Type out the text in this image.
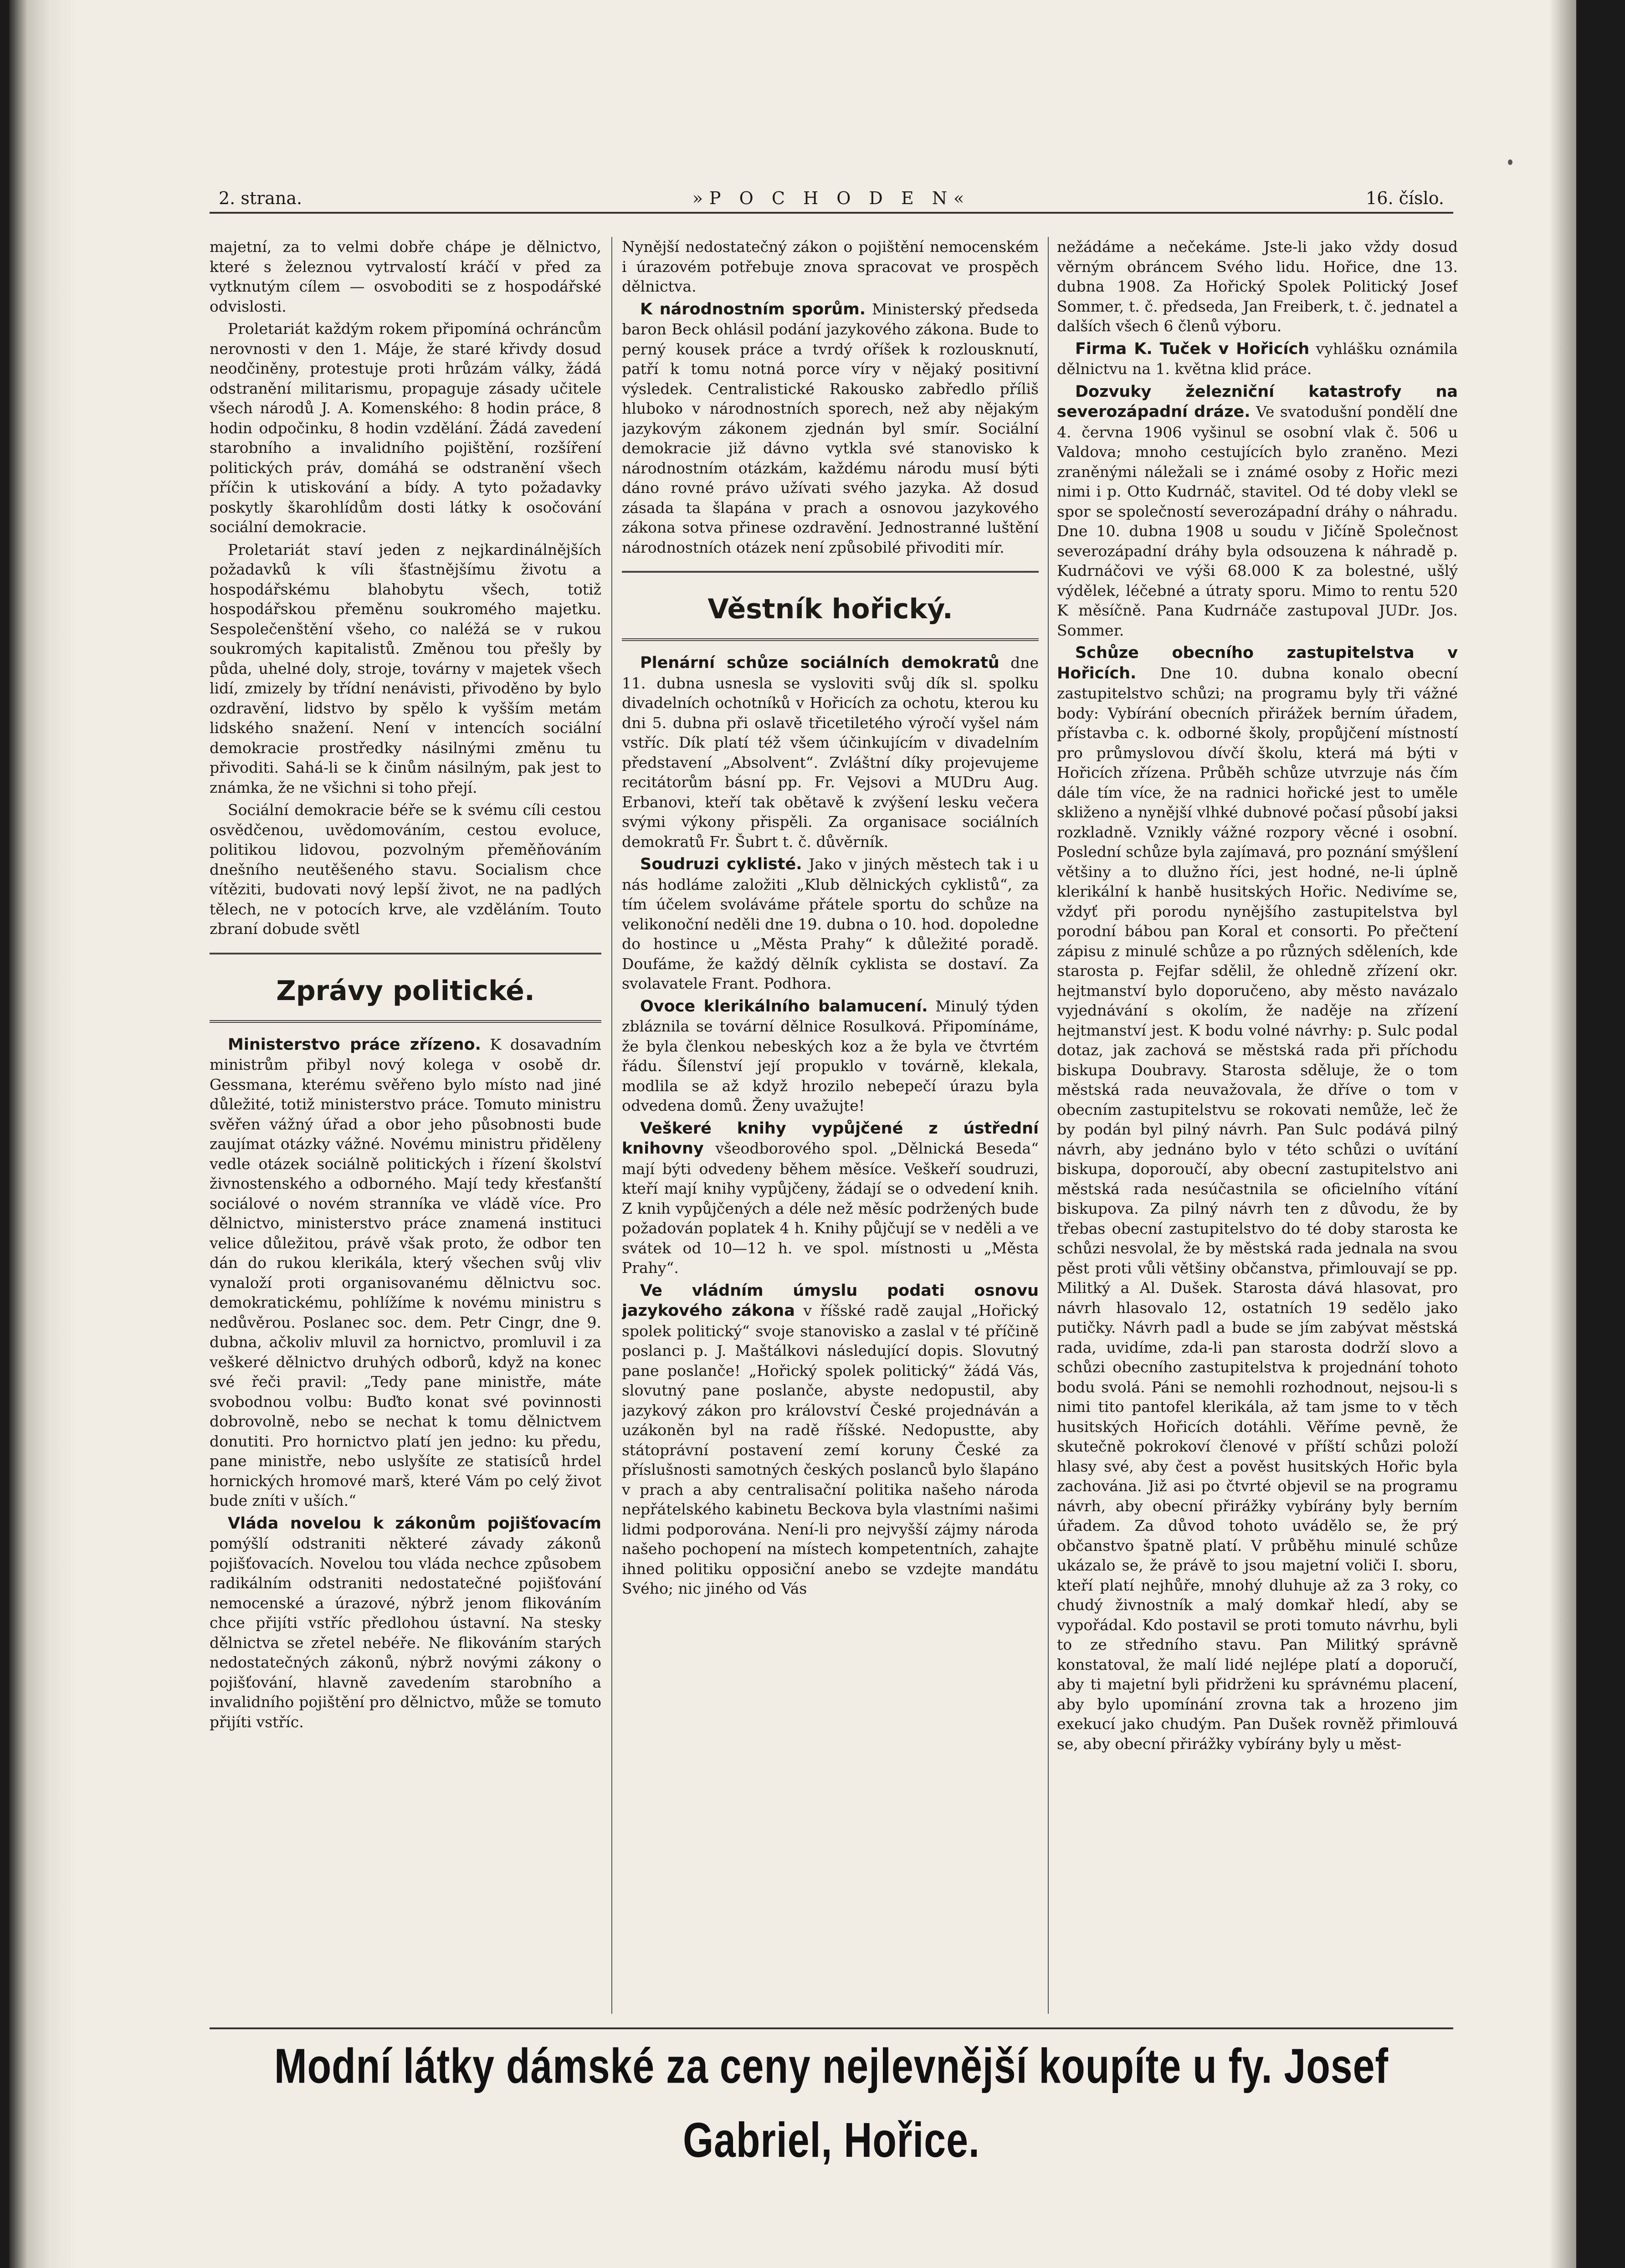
2. strana.	»P O C H O D E N«	16. číslo.

majetní, za to velmi dobře chápe je dělnictvo, které s železnou vytrvalostí kráčí v před za vytknutým cílem — osvoboditi se z hospodářské odvislosti.

Proletariát každým rokem připomíná ochráncům nerovnosti v den 1. Máje, že staré křivdy dosud neodčiněny, protestuje proti hrůzám války, žádá odstranění militarismu, propaguje zásady učitele všech národů J. A. Komenského: 8 hodin práce, 8 hodin odpočinku, 8 hodin vzdělání. Žádá zavedení starobního a invalidního pojištění, rozšíření politických práv, domáhá se odstranění všech příčin k utiskování a bídy. A tyto požadavky poskytly škarohlídům dosti látky k osočování sociální demokracie.

Proletariát staví jeden z nejkardinálnějších požadavků k víli šťastnějšímu životu a hospodářskému blahobytu všech, totiž hospodářskou přeměnu soukromého majetku. Sespolečenštění všeho, co naléžá se v rukou soukromých kapitalistů. Změnou tou přešly by půda, uhelné doly, stroje, továrny v majetek všech lidí, zmizely by třídní nenávisti, přivoděno by bylo ozdravění, lidstvo by spělo k vyšším metám lidského snažení. Není v intencích sociální demokracie prostředky násilnými změnu tu přivoditi. Sahá-li se k činům násilným, pak jest to známka, že ne všichni si toho přejí.

Sociální demokracie béře se k svému cíli cestou osvědčenou, uvědomováním, cestou evoluce, politikou lidovou, pozvolným přeměňováním dnešního neutěšeného stavu. Socialism chce vítěziti, budovati nový lepší život, ne na padlých tělech, ne v potocích krve, ale vzděláním. Touto zbraní dobude světl

Zprávy politické.

Ministerstvo práce zřízeno. K dosavadním ministrům přibyl nový kolega v osobě dr. Gessmana, kterému svěřeno bylo místo nad jiné důležité, totiž ministerstvo práce. Tomuto ministru svěřen vážný úřad a obor jeho působnosti bude zaujímat otázky vážné. Novému ministru přiděleny vedle otázek sociálně politických i řízení školství živnostenského a odborného. Mají tedy křesťanští sociálové o novém stranníka ve vládě více. Pro dělnictvo, ministerstvo práce znamená instituci velice důležitou, právě však proto, že odbor ten dán do rukou klerikála, který všechen svůj vliv vynaloží proti organisovanému dělnictvu soc. demokratickému, pohlížíme k novému ministru s nedůvěrou. Poslanec soc. dem. Petr Cingr, dne 9. dubna, ačkoliv mluvil za hornictvo, promluvil i za veškeré dělnictvo druhých odborů, když na konec své řeči pravil: „Tedy pane ministře, máte svobodnou volbu: Buďto konat své povinnosti dobrovolně, nebo se nechat k tomu dělnictvem donutiti. Pro hornictvo platí jen jedno: ku předu, pane ministře, nebo uslyšíte ze statisíců hrdel hornických hromové marš, které Vám po celý život bude zníti v uších.“

Vláda novelou k zákonům pojišťovacím pomýšlí odstraniti některé závady zákonů pojišťovacích. Novelou tou vláda nechce způsobem radikálním odstraniti nedostatečné pojišťování nemocenské a úrazové, nýbrž jenom flikováním chce přijíti vstříc předlohou ústavní. Na stesky dělnictva se zřetel nebéře. Ne flikováním starých nedostatečných zákonů, nýbrž novými zákony o pojišťování, hlavně zavedením starobního a invalidního pojištění pro dělnictvo, může se tomuto přijíti vstříc.

Nynější nedostatečný zákon o pojištění nemocenském i úrazovém potřebuje znova spracovat ve prospěch dělnictva.

K národnostním sporům. Ministerský předseda baron Beck ohlásil podání jazykového zákona. Bude to perný kousek práce a tvrdý oříšek k rozlousknutí, patří k tomu notná porce víry v nějaký positivní výsledek. Centralistické Rakousko zabředlo příliš hluboko v národnostních sporech, než aby nějakým jazykovým zákonem zjednán byl smír. Sociální demokracie již dávno vytkla své stanovisko k národnostním otázkám, každému národu musí býti dáno rovné právo užívati svého jazyka. Až dosud zásada ta šlapána v prach a osnovou jazykového zákona sotva přinese ozdravění. Jednostranné luštění národnostních otázek není způsobilé přivoditi mír.

Věstník hořický.

Plenární schůze sociálních demokratů dne 11. dubna usnesla se vysloviti svůj dík sl. spolku divadelních ochotníků v Hořicích za ochotu, kterou ku dni 5. dubna při oslavě třicetiletého výročí vyšel nám vstříc. Dík platí též všem účinkujícím v divadelním představení „Absolvent“. Zvláštní díky projevujeme recitátorům básní pp. Fr. Vejsovi a MUDru Aug. Erbanovi, kteří tak obětavě k zvýšení lesku večera svými výkony přispěli. Za organisace sociálních demokratů Fr. Šubrt t. č. důvěrník.

Soudruzi cyklisté. Jako v jiných městech tak i u nás hodláme založiti „Klub dělnických cyklistů“, za tím účelem svoláváme přátele sportu do schůze na velikonoční neděli dne 19. dubna o 10. hod. dopoledne do hostince u „Města Prahy“ k důležité poradě. Doufáme, že každý dělník cyklista se dostaví. Za svolavatele Frant. Podhora.

Ovoce klerikálního balamucení. Minulý týden zbláznila se tovární dělnice Rosulková. Připomínáme, že byla členkou nebeských koz a že byla ve čtvrtém řádu. Šílenství její propuklo v továrně, klekala, modlila se až když hrozilo nebepečí úrazu byla odvedena domů. Ženy uvažujte!

Veškeré knihy vypůjčené z ústřední knihovny všeodborového spol. „Dělnická Beseda“ mají býti odvedeny během měsíce. Veškeří soudruzi, kteří mají knihy vypůjčeny, žádají se o odvedení knih. Z knih vypůjčených a déle než měsíc podržených bude požadován poplatek 4 h. Knihy půjčují se v neděli a ve svátek od 10—12 h. ve spol. místnosti u „Města Prahy“.

Ve vládním úmyslu podati osnovu jazykového zákona v říšské radě zaujal „Hořický spolek politický“ svoje stanovisko a zaslal v té příčině poslanci p. J. Maštálkovi následující dopis. Slovutný pane poslanče! „Hořický spolek politický“ žádá Vás, slovutný pane poslanče, abyste nedopustil, aby jazykový zákon pro království České projednáván a uzákoněn byl na radě říšské. Nedopustte, aby státoprávní postavení zemí koruny České za příslušnosti samotných českých poslanců bylo šlapáno v prach a aby centralisační politika našeho národa nepřátelského kabinetu Beckova byla vlastními našimi lidmi podporována. Není-li pro nejvyšší zájmy národa našeho pochopení na místech kompetentních, zahajte ihned politiku opposiční anebo se vzdejte mandátu Svého; nic jiného od Vás

nežádáme a nečekáme. Jste-li jako vždy dosud věrným obráncem Svého lidu. Hořice, dne 13. dubna 1908. Za Hořický Spolek Politický Josef Sommer, t. č. předseda, Jan Freiberk, t. č. jednatel a dalších všech 6 členů výboru.

Firma K. Tuček v Hořicích vyhlášku oznámila dělnictvu na 1. května klid práce.

Dozvuky železniční katastrofy na severozápadní dráze. Ve svatodušní pondělí dne 4. června 1906 vyšinul se osobní vlak č. 506 u Valdova; mnoho cestujících bylo zraněno. Mezi zraněnými náležali se i známé osoby z Hořic mezi nimi i p. Otto Kudrnáč, stavitel. Od té doby vlekl se spor se společností severozápadní dráhy o náhradu. Dne 10. dubna 1908 u soudu v Jičíně Společnost severozápadní dráhy byla odsouzena k náhradě p. Kudrnáčovi ve výši 68.000 K za bolestné, ušlý výdělek, léčebné a útraty sporu. Mimo to rentu 520 K měsíčně. Pana Kudrnáče zastupoval JUDr. Jos. Sommer.

Schůze obecního zastupitelstva v Hořicích. Dne 10. dubna konalo obecní zastupitelstvo schůzi; na programu byly tři vážné body: Vybírání obecních přirážek berním úřadem, přístavba c. k. odborné školy, propůjčení místností pro průmyslovou dívčí školu, která má býti v Hořicích zřízena. Průběh schůze utvrzuje nás čím dále tím více, že na radnici hořické jest to uměle skliženo a nynější vlhké dubnové počasí působí jaksi rozkladně. Vznikly vážné rozpory věcné i osobní. Poslední schůze byla zajímavá, pro poznání smýšlení většiny a to dlužno říci, jest hodné, ne-li úplně klerikální k hanbě husitských Hořic. Nedivíme se, vždyť při porodu nynějšího zastupitelstva byl porodní bábou pan Koral et consorti. Po přečtení zápisu z minulé schůze a po různých sděleních, kde starosta p. Fejfar sdělil, že ohledně zřízení okr. hejtmanství bylo doporučeno, aby město navázalo vyjednávání s okolím, že naděje na zřízení hejtmanství jest. K bodu volné návrhy: p. Sulc podal dotaz, jak zachová se městská rada při příchodu biskupa Doubravy. Starosta sděluje, že o tom městská rada neuvažovala, že dříve o tom v obecním zastupitelstvu se rokovati nemůže, leč že by podán byl pilný návrh. Pan Sulc podává pilný návrh, aby jednáno bylo v této schůzi o uvítání biskupa, doporoučí, aby obecní zastupitelstvo ani městská rada nesúčastnila se oficielního vítání biskupova. Za pilný návrh ten z důvodu, že by třebas obecní zastupitelstvo do té doby starosta ke schůzi nesvolal, že by městská rada jednala na svou pěst proti vůli většiny občanstva, přimlouvají se pp. Militký a Al. Dušek. Starosta dává hlasovat, pro návrh hlasovalo 12, ostatních 19 sedělo jako putičky. Návrh padl a bude se jím zabývat městská rada, uvidíme, zda-li pan starosta dodrží slovo a schůzi obecního zastupitelstva k projednání tohoto bodu svolá. Páni se nemohli rozhodnout, nejsou-li s nimi tito pantofel klerikála, až tam jsme to v těch husitských Hořicích dotáhli. Věříme pevně, že skutečně pokrokoví členové v příští schůzi položí hlasy své, aby čest a pověst husitských Hořic byla zachována. Již asi po čtvrté objevil se na programu návrh, aby obecní přirážky vybírány byly berním úřadem. Za důvod tohoto uvádělo se, že prý občanstvo špatně platí. V průběhu minulé schůze ukázalo se, že právě to jsou majetní voliči I. sboru, kteří platí nejhůře, mnohý dluhuje až za 3 roky, co chudý živnostník a malý domkař hledí, aby se vypořádal. Kdo postavil se proti tomuto návrhu, byli to ze středního stavu. Pan Militký správně konstatoval, že malí lidé nejlépe platí a doporučí, aby ti majetní byli přidrženi ku správnému placení, aby bylo upomínání zrovna tak a hrozeno jim exekucí jako chudým. Pan Dušek rovněž přimlouvá se, aby obecní přirážky vybírány byly u měst-

Modní látky dámské za ceny nejlevnější koupíte u fy. Josef Gabriel, Hořice.
